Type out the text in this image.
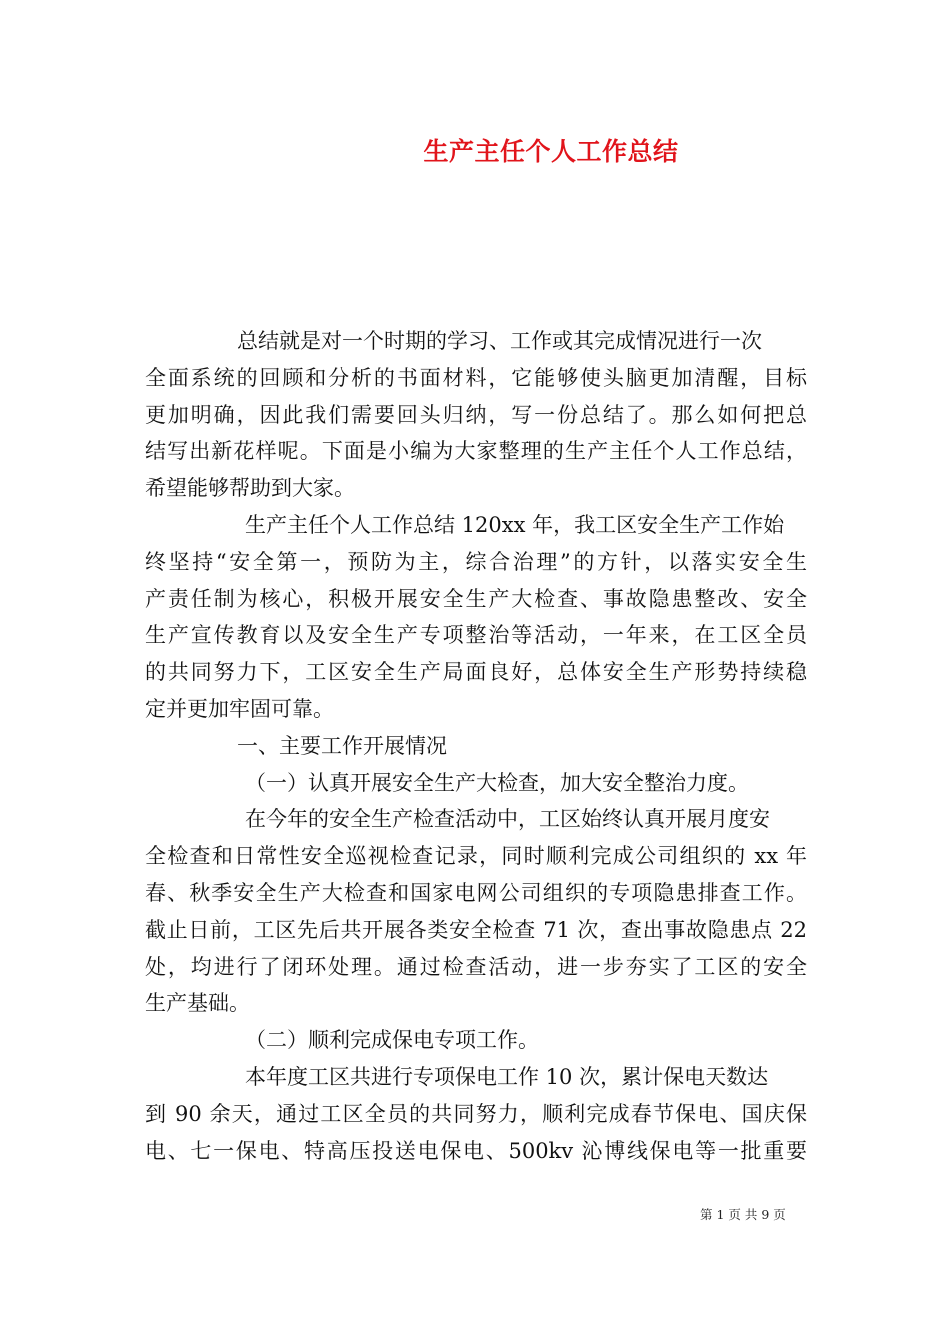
生产主任个人工作总结
总结就是对一个时期的学习、工作或其完成情况进行一次
全面系统的回顾和分析的书面材料，它能够使头脑更加清醒，目标
更加明确，因此我们需要回头归纳，写一份总结了。那么如何把总
结写出新花样呢。下面是小编为大家整理的生产主任个人工作总结，
希望能够帮助到大家。
生产主任个人工作总结 120xx 年，我工区安全生产工作始
终坚持“安全第一，预防为主，综合治理”的方针，以落实安全生
产责任制为核心，积极开展安全生产大检查、事故隐患整改、安全
生产宣传教育以及安全生产专项整治等活动，一年来，在工区全员
的共同努力下，工区安全生产局面良好，总体安全生产形势持续稳
定并更加牢固可靠。
一、主要工作开展情况
（一）认真开展安全生产大检查，加大安全整治力度。
在今年的安全生产检查活动中，工区始终认真开展月度安
全检查和日常性安全巡视检查记录，同时顺利完成公司组织的 xx 年
春、秋季安全生产大检查和国家电网公司组织的专项隐患排查工作。
截止日前，工区先后共开展各类安全检查 71 次，查出事故隐患点 22
处，均进行了闭环处理。通过检查活动，进一步夯实了工区的安全
生产基础。
（二）顺利完成保电专项工作。
本年度工区共进行专项保电工作 10 次，累计保电天数达
到 90 余天，通过工区全员的共同努力，顺利完成春节保电、国庆保
电、七一保电、特高压投送电保电、500kv 沁博线保电等一批重要
第 1 页 共 9 页
